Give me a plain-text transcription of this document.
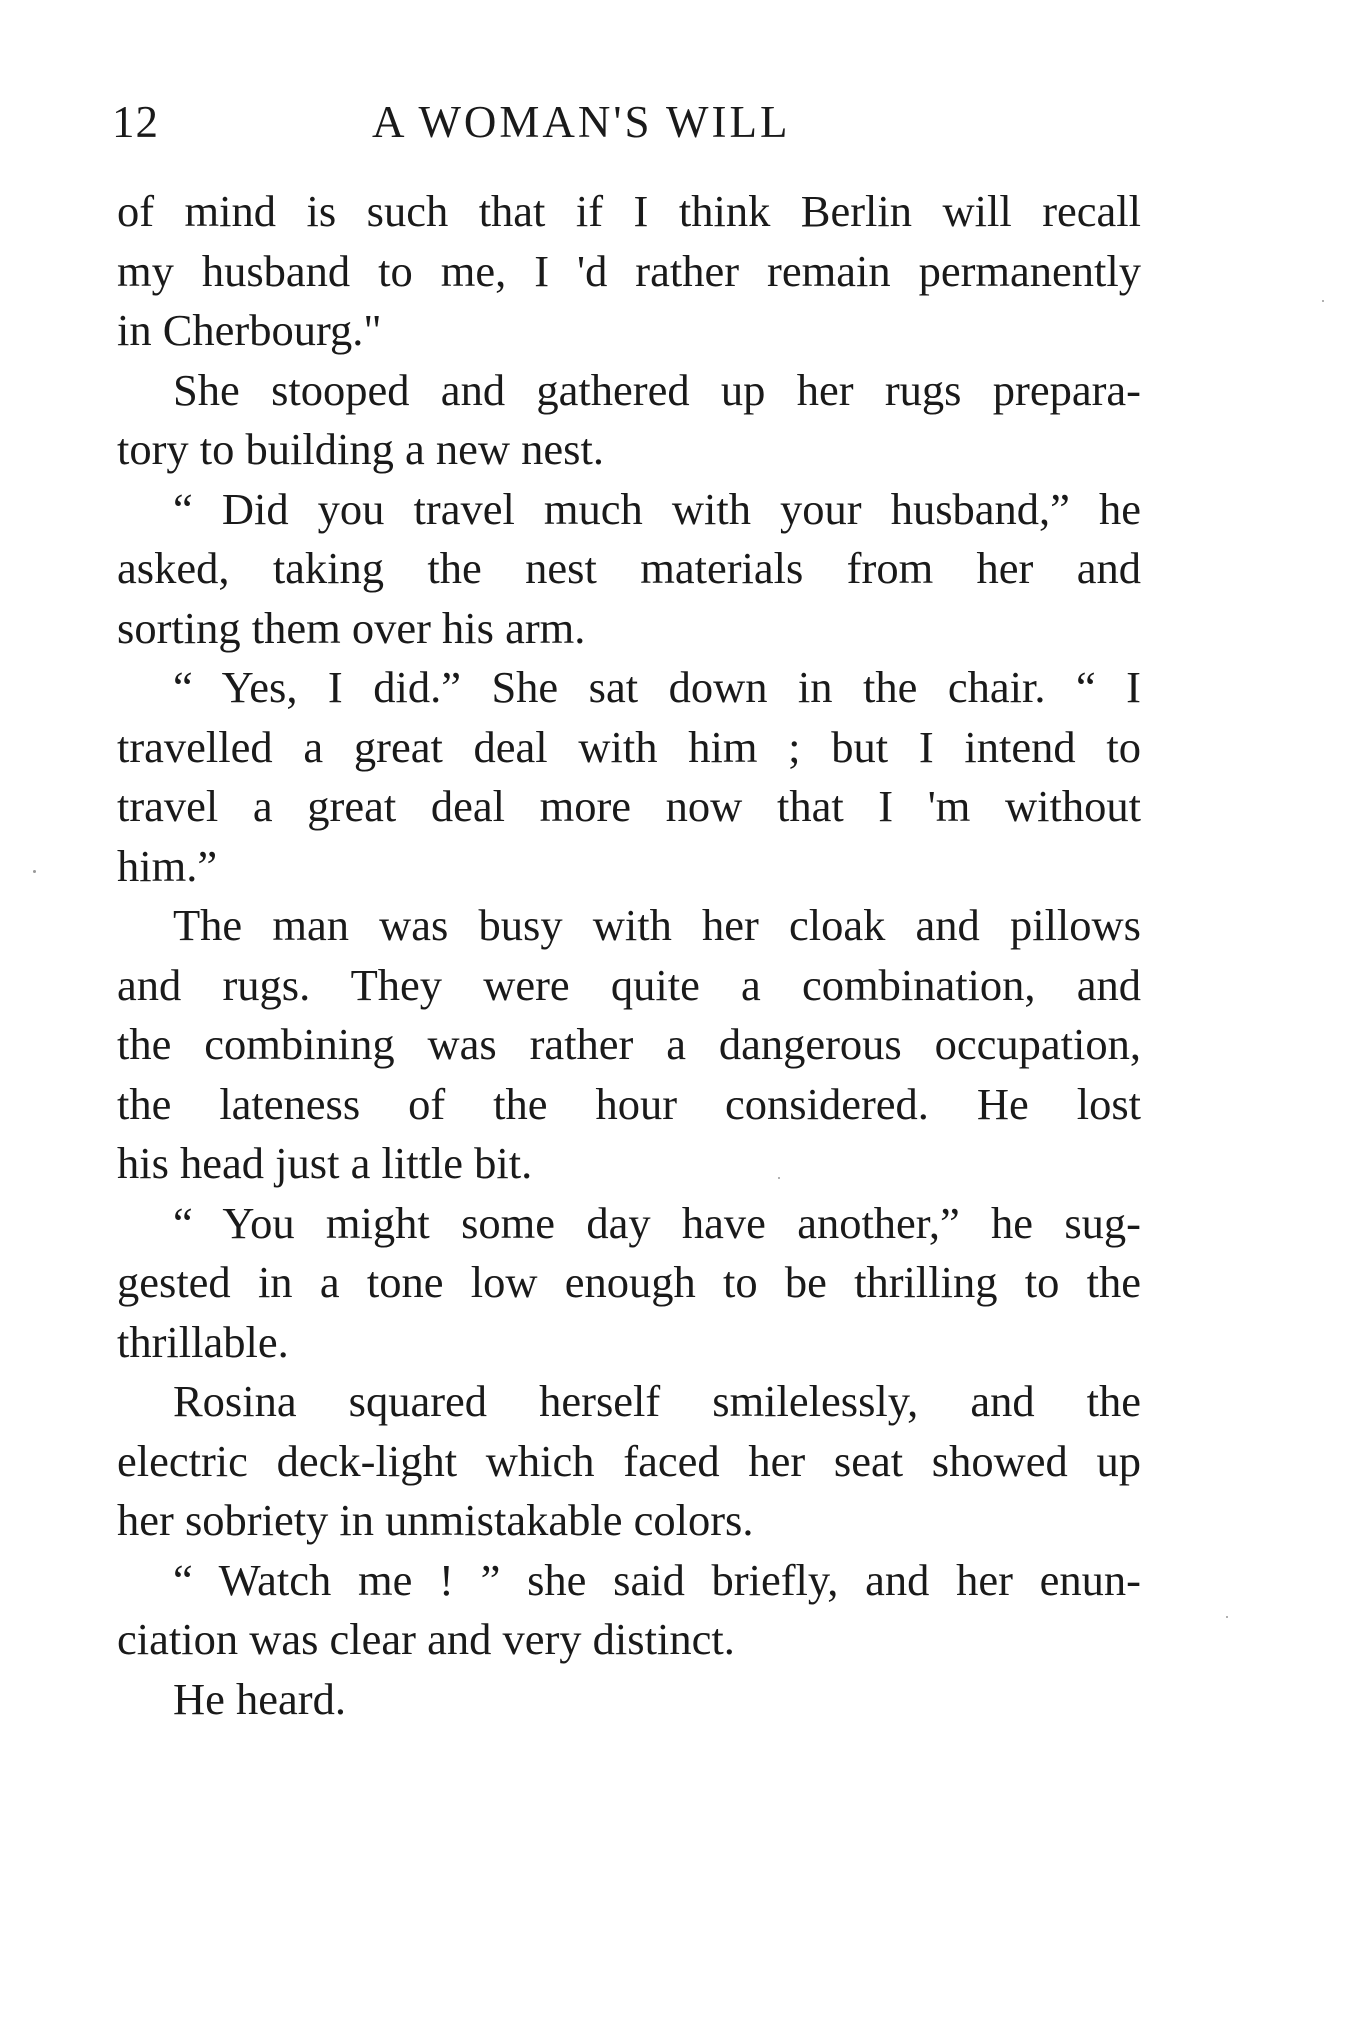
12	A WOMAN'S WILL
of mind is such that if I think Berlin will recall
my husband to me, I 'd rather remain permanently
in Cherbourg."
She stooped and gathered up her rugs prepara-
tory to building a new nest.
“ Did you travel much with your husband,” he
asked, taking the nest materials from her and
sorting them over his arm.
“ Yes, I did.” She sat down in the chair. “ I
travelled a great deal with him ; but I intend to
travel a great deal more now that I 'm without
him.”
The man was busy with her cloak and pillows
and rugs. They were quite a combination, and
the combining was rather a dangerous occupation,
the lateness of the hour considered. He lost
his head just a little bit.
“ You might some day have another,” he sug-
gested in a tone low enough to be thrilling to the
thrillable.
Rosina squared herself smilelessly, and the
electric deck-light which faced her seat showed up
her sobriety in unmistakable colors.
“ Watch me ! ” she said briefly, and her enun-
ciation was clear and very distinct.
He heard.
